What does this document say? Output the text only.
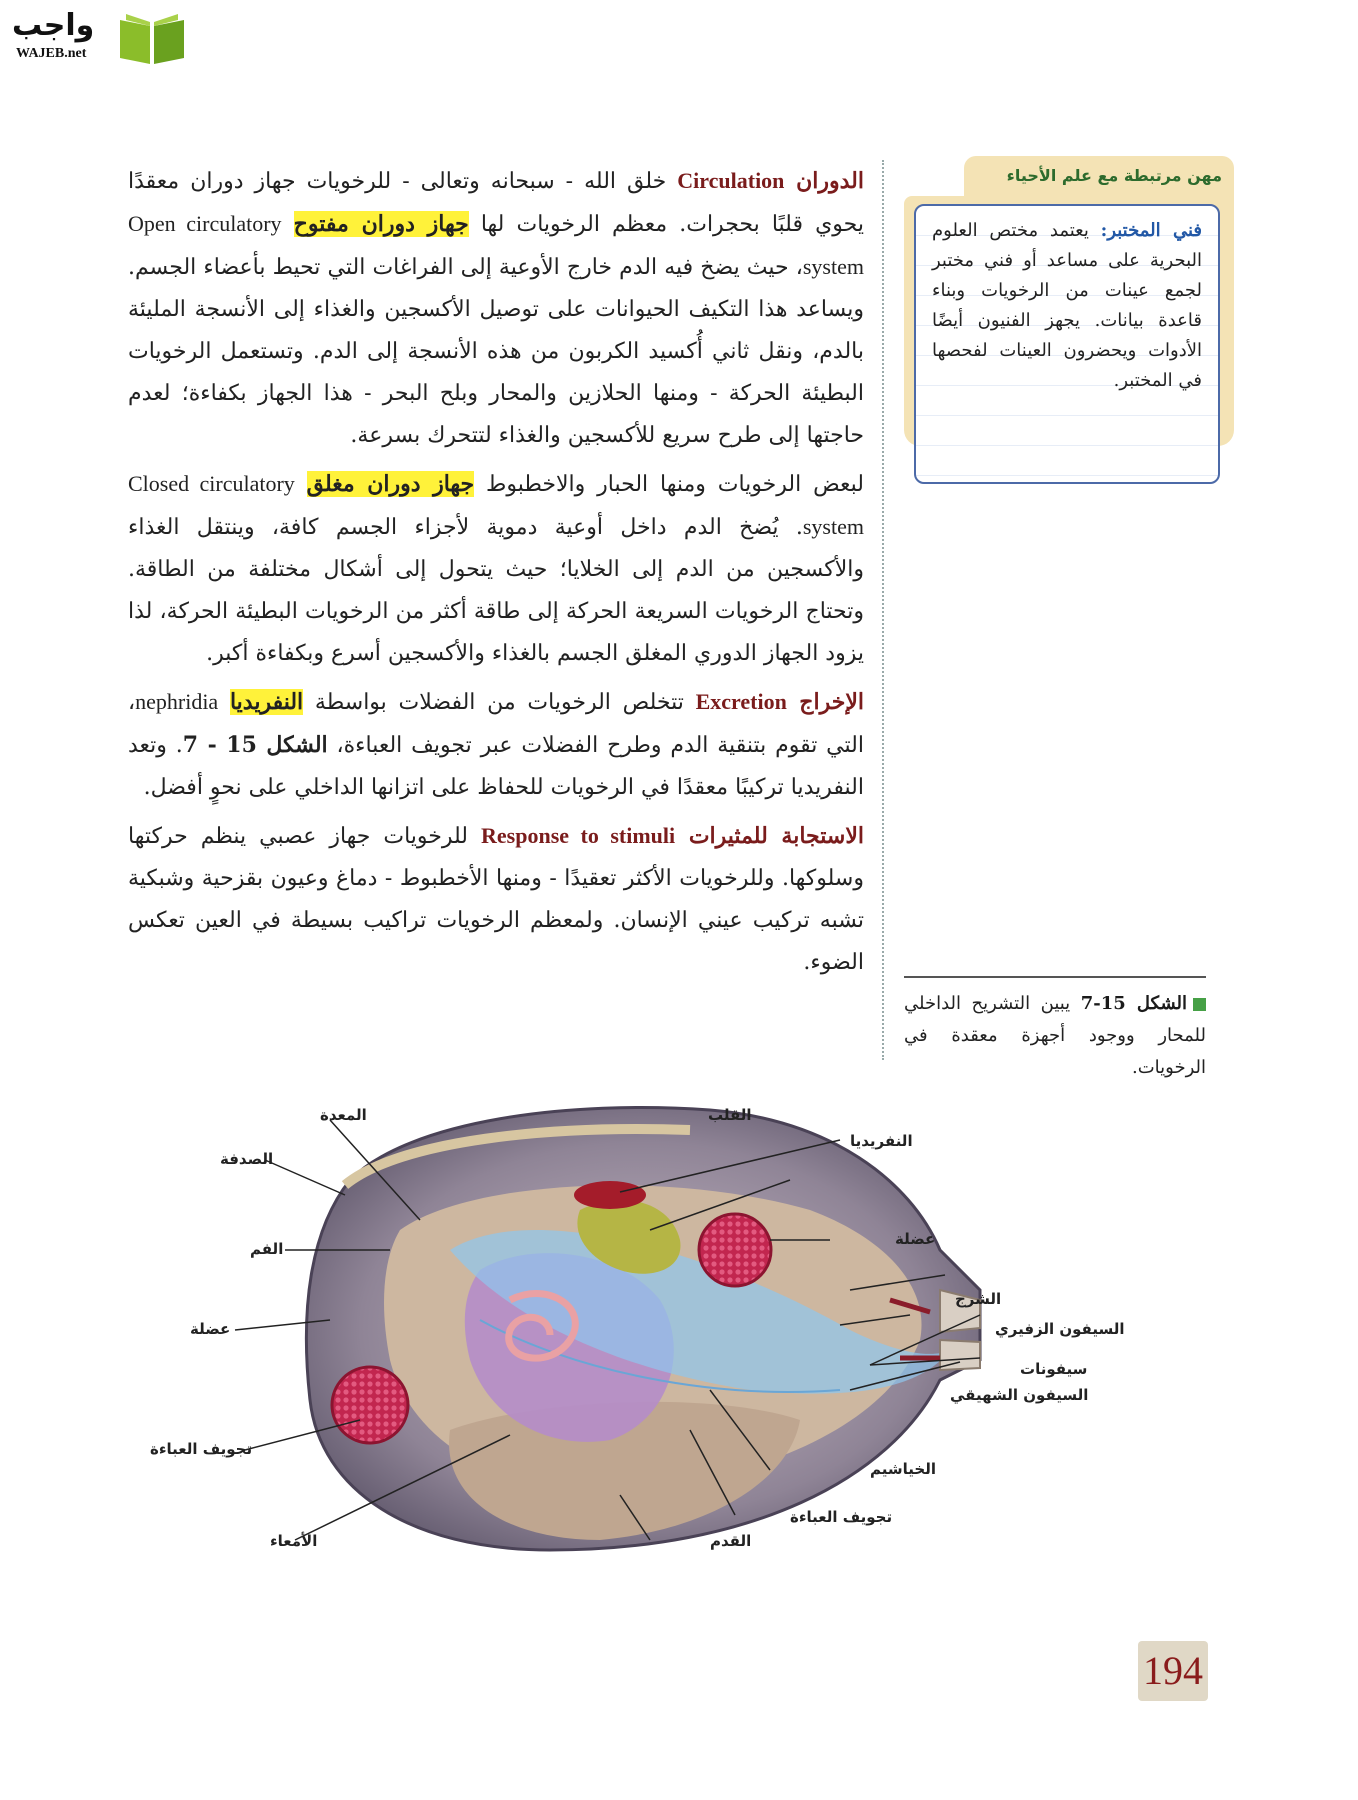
واجب
WAJEB.net
مهن مرتبطة مع علم الأحياء
فني المختبر: يعتمد مختص العلوم البحرية على مساعد أو فني مختبر لجمع عينات من الرخويات وبناء قاعدة بيانات. يجهز الفنيون أيضًا الأدوات ويحضرون العينات لفحصها في المختبر.

الدوران Circulation خلق الله - سبحانه وتعالى - للرخويات جهاز دوران معقدًا يحوي قلبًا بحجرات. معظم الرخويات لها جهاز دوران مفتوح Open circulatory system، حيث يضخ فيه الدم خارج الأوعية إلى الفراغات التي تحيط بأعضاء الجسم. ويساعد هذا التكيف الحيوانات على توصيل الأكسجين والغذاء إلى الأنسجة المليئة بالدم، ونقل ثاني أُكسيد الكربون من هذه الأنسجة إلى الدم. وتستعمل الرخويات البطيئة الحركة - ومنها الحلازين والمحار وبلح البحر - هذا الجهاز بكفاءة؛ لعدم حاجتها إلى طرح سريع للأكسجين والغذاء لتتحرك بسرعة.

لبعض الرخويات ومنها الحبار والاخطبوط جهاز دوران مغلق Closed circulatory system. يُضخ الدم داخل أوعية دموية لأجزاء الجسم كافة، وينتقل الغذاء والأكسجين من الدم إلى الخلايا؛ حيث يتحول إلى أشكال مختلفة من الطاقة. وتحتاج الرخويات السريعة الحركة إلى طاقة أكثر من الرخويات البطيئة الحركة، لذا يزود الجهاز الدوري المغلق الجسم بالغذاء والأكسجين أسرع وبكفاءة أكبر.

الإخراج Excretion تتخلص الرخويات من الفضلات بواسطة النفريديا nephridia، التي تقوم بتنقية الدم وطرح الفضلات عبر تجويف العباءة، الشكل 15 - 7. وتعد النفريديا تركيبًا معقدًا في الرخويات للحفاظ على اتزانها الداخلي على نحوٍ أفضل.

الاستجابة للمثيرات Response to stimuli للرخويات جهاز عصبي ينظم حركتها وسلوكها. وللرخويات الأكثر تعقيدًا - ومنها الأخطبوط - دماغ وعيون بقزحية وشبكية تشبه تركيب عيني الإنسان. ولمعظم الرخويات تراكيب بسيطة في العين تعكس الضوء.

الشكل 15-7 يبين التشريح الداخلي للمحار ووجود أجهزة معقدة في الرخويات.
المعدة
الصدفة
الفم
عضلة
تجويف العباءة
الأمعاء
القلب
النفريديا
عضلة
الشرج
السيفون الزفيري
سيفونات
السيفون الشهيقي
الخياشيم
تجويف العباءة
القدم
194
